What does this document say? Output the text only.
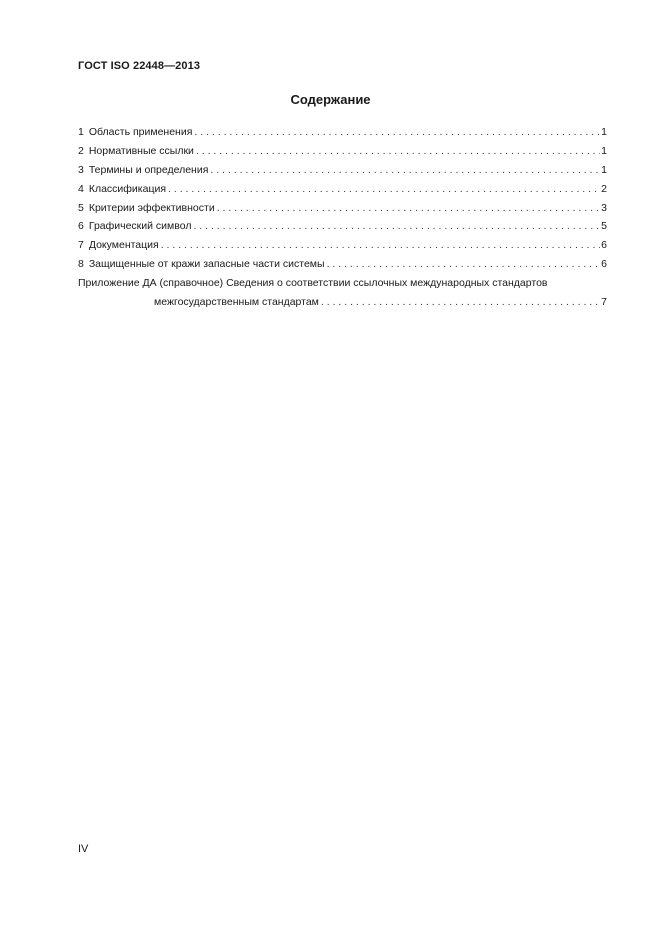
ГОСТ ISO 22448—2013
Содержание
1 Область применения . . .	1
2 Нормативные ссылки . . .	1
3 Термины и определения . . .	1
4 Классификация . . .	2
5 Критерии эффективности . . .	3
6 Графический символ . . .	5
7 Документация . . .	6
8 Защищенные от кражи запасные части системы . . .	6
Приложение ДА (справочное) Сведения о соответствии ссылочных международных стандартов
межгосударственным стандартам . . .	7
IV
